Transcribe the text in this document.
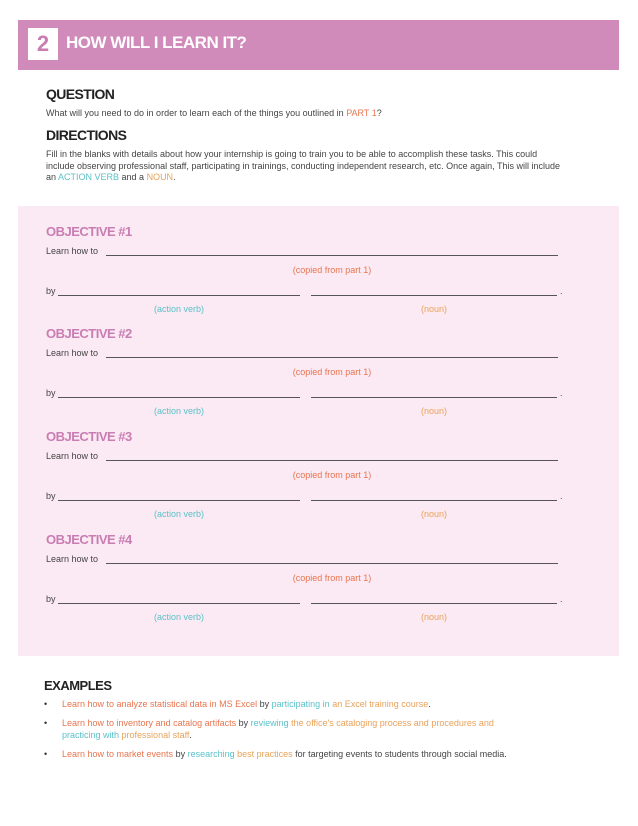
2 HOW WILL I LEARN IT?
QUESTION
What will you need to do in order to learn each of the things you outlined in PART 1?
DIRECTIONS
Fill in the blanks with details about how your internship is going to train you to be able to accomplish these tasks. This could include observing professional staff, participating in trainings, conducting independent research, etc. Once again, This will include an ACTION VERB and a NOUN.
OBJECTIVE #1
Learn how to
(copied from part 1)
by	.
(action verb)	(noun)
OBJECTIVE #2
Learn how to
(copied from part 1)
by	.
(action verb)	(noun)
OBJECTIVE #3
Learn how to
(copied from part 1)
by	.
(action verb)	(noun)
OBJECTIVE #4
Learn how to
(copied from part 1)
by	.
(action verb)	(noun)
EXAMPLES
• Learn how to analyze statistical data in MS Excel by participating in an Excel training course.
• Learn how to inventory and catalog artifacts by reviewing the office's cataloging process and procedures and
practicing with professional staff.
• Learn how to market events by researching best practices for targeting events to students through social media.
